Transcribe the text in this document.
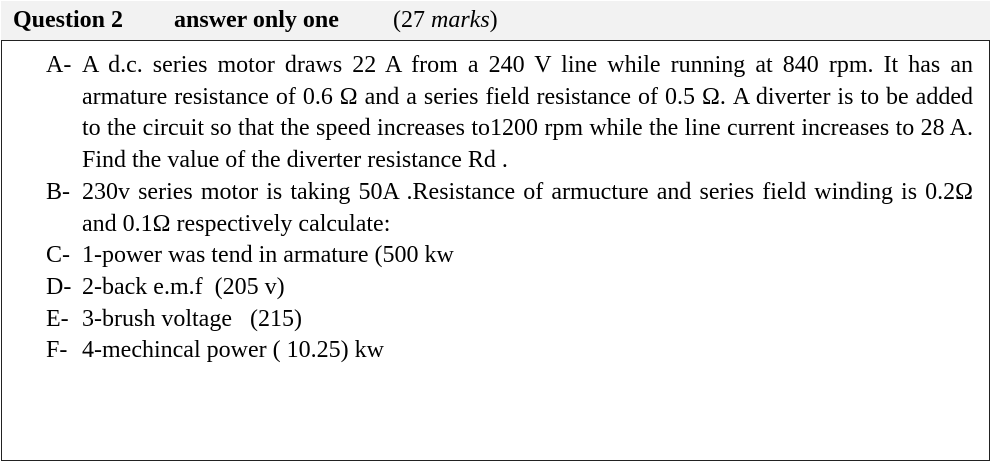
Question 2 answer only one (27 marks)
A- A d.c. series motor draws 22 A from a 240 V line while running at 840 rpm. It has an armature resistance of 0.6 Ω and a series field resistance of 0.5 Ω. A diverter is to be added to the circuit so that the speed increases to1200 rpm while the line current increases to 28 A. Find the value of the diverter resistance Rd .
B- 230v series motor is taking 50A .Resistance of armucture and series field winding is 0.2Ω and 0.1Ω respectively calculate:
C- 1-power was tend in armature (500 kw
D- 2-back e.m.f  (205 v)
E- 3-brush voltage   (215)
F- 4-mechincal power ( 10.25) kw
